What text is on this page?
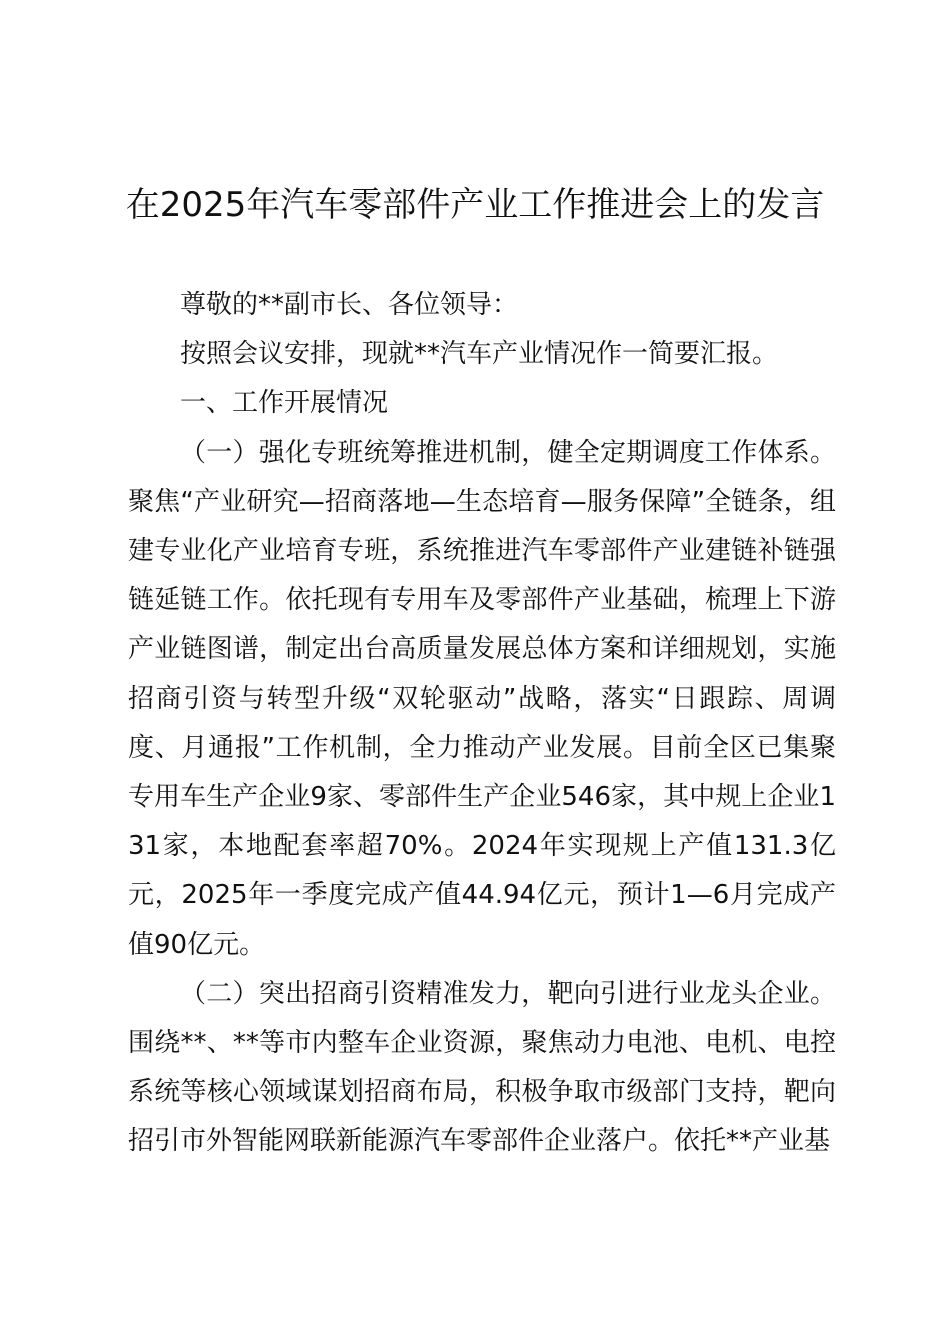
在2025年汽车零部件产业工作推进会上的发言

尊敬的**副市长、各位领导：

按照会议安排，现就**汽车产业情况作一简要汇报。

一、工作开展情况

（一）强化专班统筹推进机制，健全定期调度工作体系。聚焦“产业研究—招商落地—生态培育—服务保障”全链条，组建专业化产业培育专班，系统推进汽车零部件产业建链补链强链延链工作。依托现有专用车及零部件产业基础，梳理上下游产业链图谱，制定出台高质量发展总体方案和详细规划，实施招商引资与转型升级“双轮驱动”战略，落实“日跟踪、周调度、月通报”工作机制，全力推动产业发展。目前全区已集聚专用车生产企业9家、零部件生产企业546家，其中规上企业131家，本地配套率超70%。2024年实现规上产值131.3亿元，2025年一季度完成产值44.94亿元，预计1—6月完成产值90亿元。

（二）突出招商引资精准发力，靶向引进行业龙头企业。围绕**、**等市内整车企业资源，聚焦动力电池、电机、电控系统等核心领域谋划招商布局，积极争取市级部门支持，靶向招引市外智能网联新能源汽车零部件企业落户。依托**产业基
